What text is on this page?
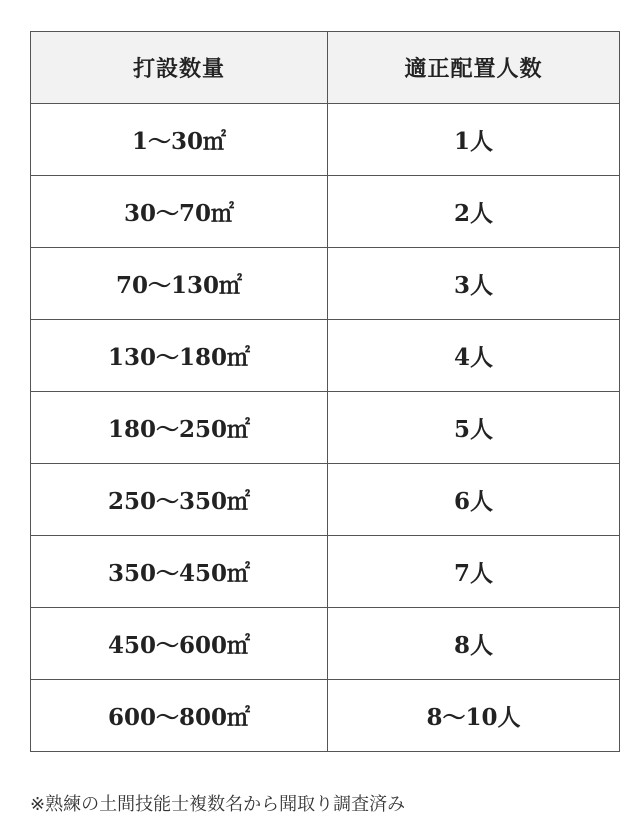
打設数量	適正配置人数
1〜30㎡	1人
30〜70㎡	2人
70〜130㎡	3人
130〜180㎡	4人
180〜250㎡	5人
250〜350㎡	6人
350〜450㎡	7人
450〜600㎡	8人
600〜800㎡	8〜10人
※熟練の土間技能士複数名から聞取り調査済み
